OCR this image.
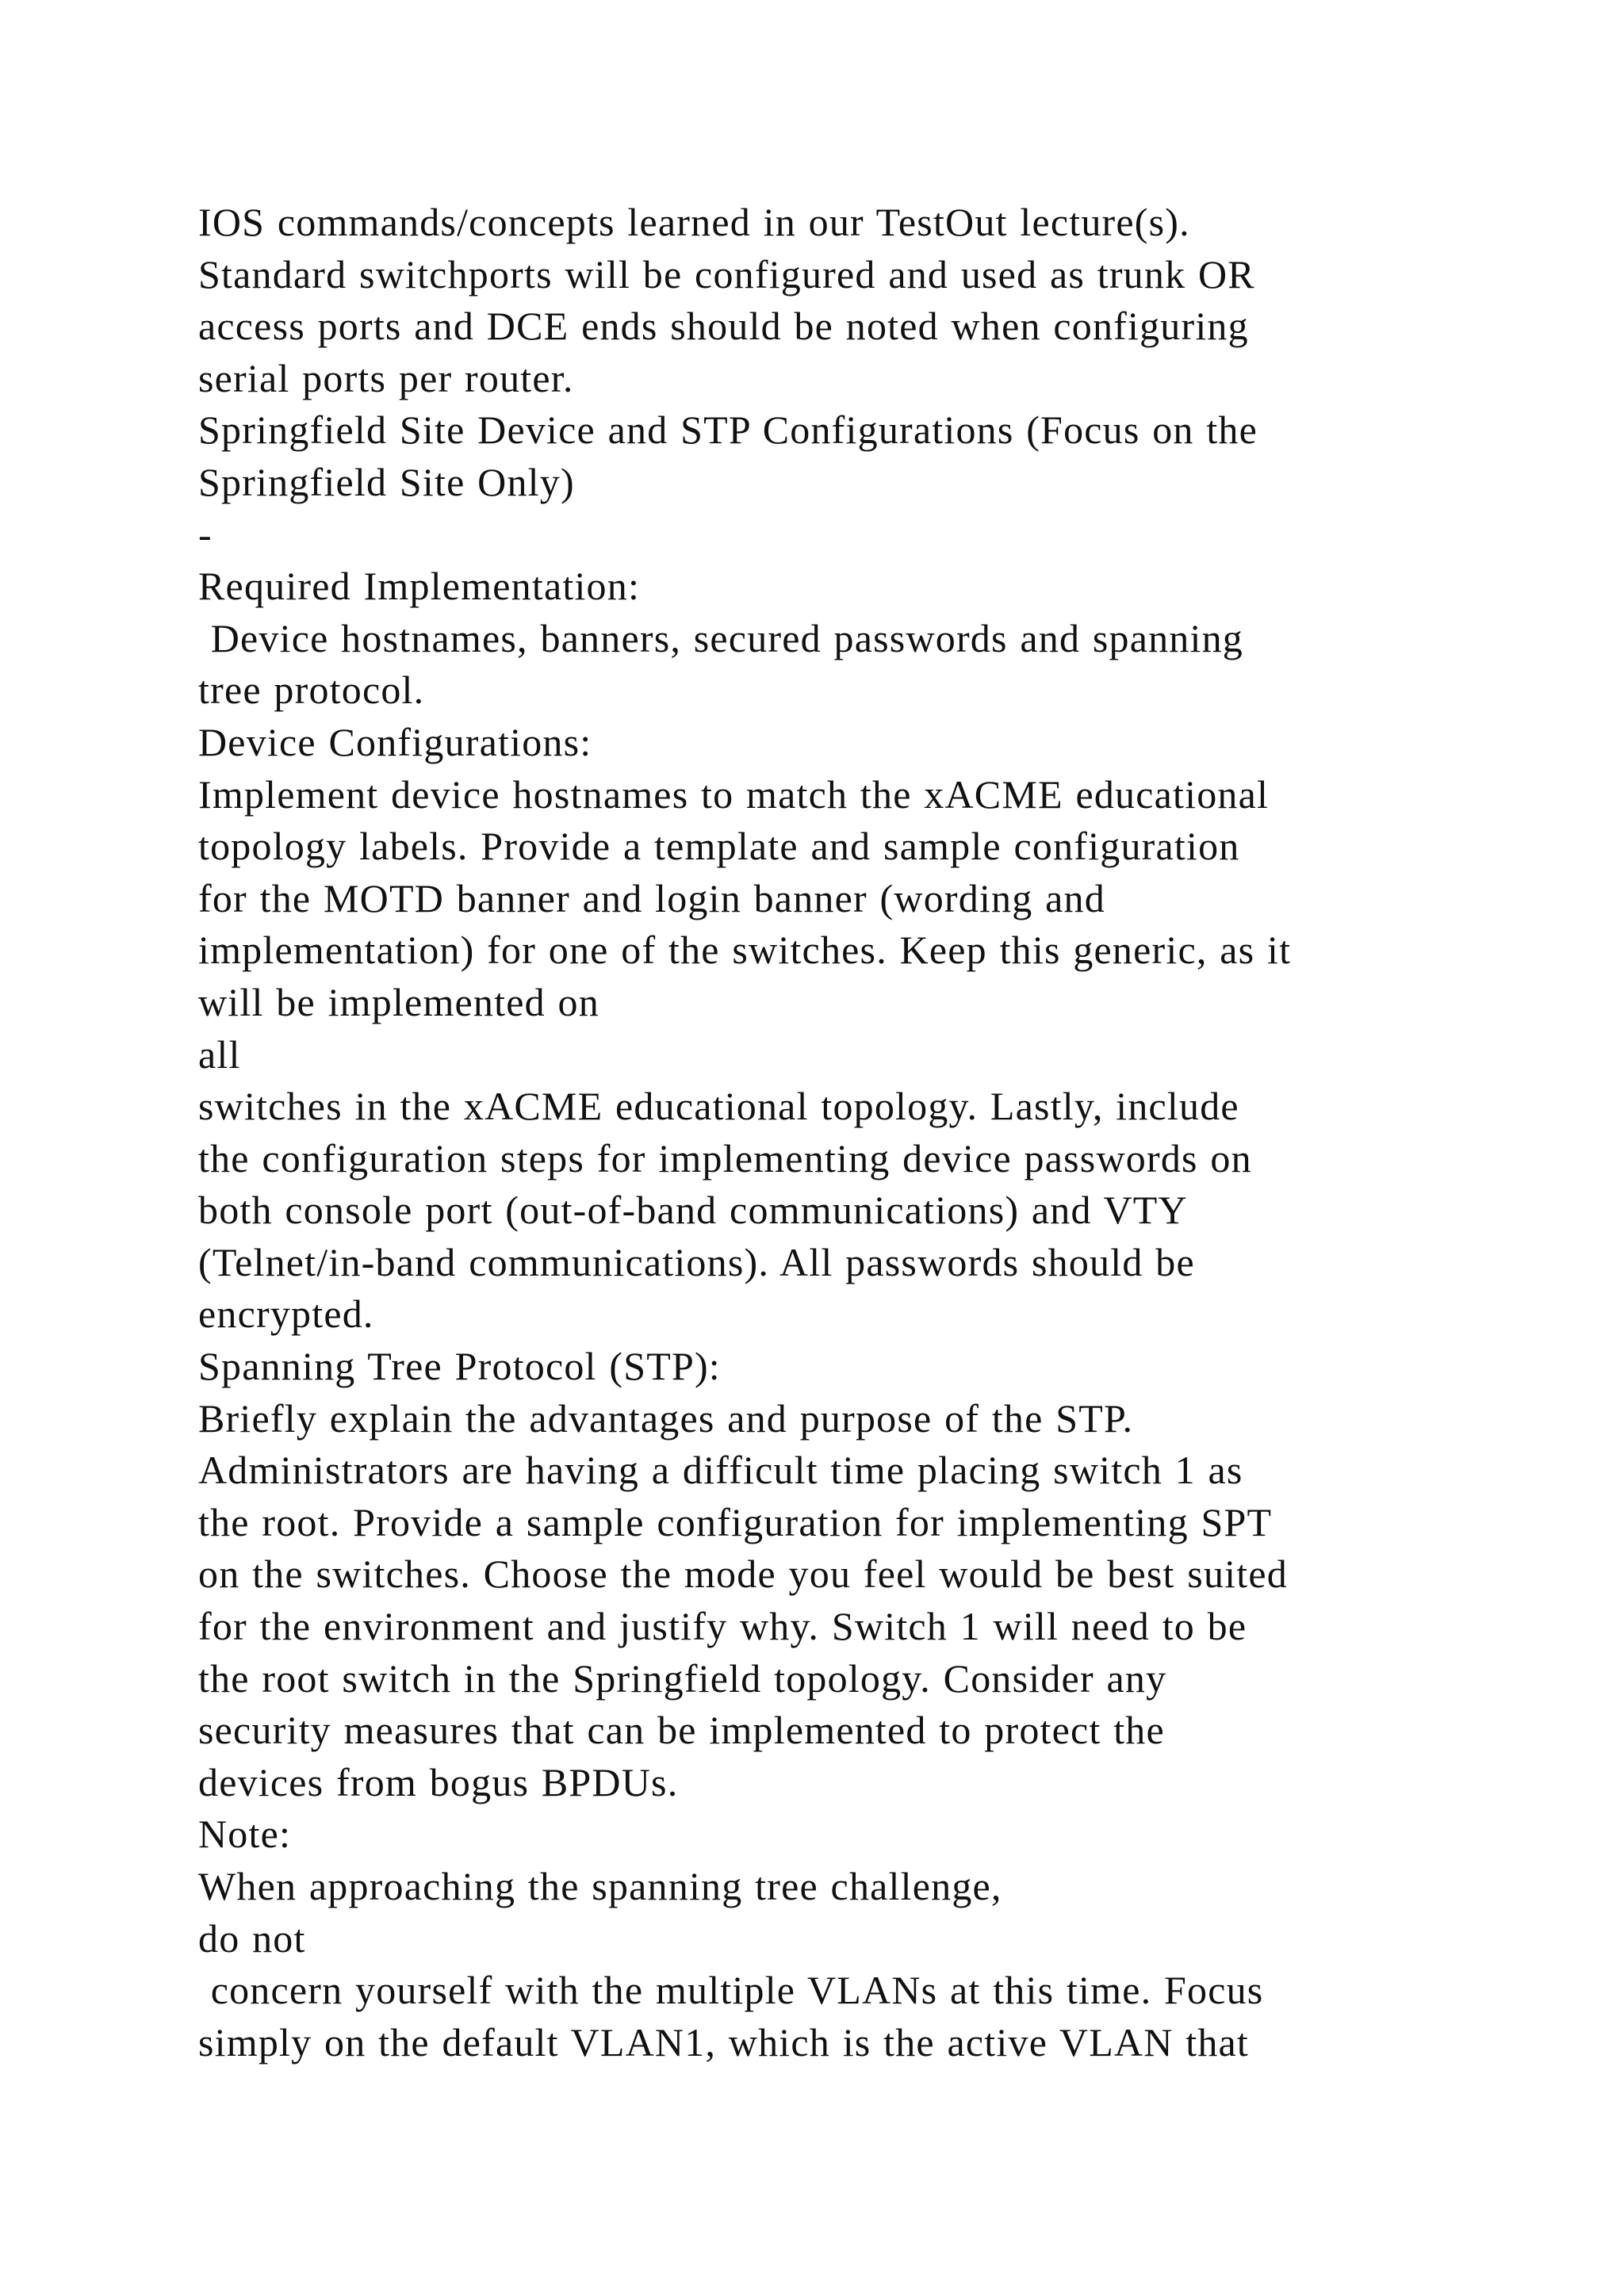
IOS commands/concepts learned in our TestOut lecture(s).
Standard switchports will be configured and used as trunk OR
access ports and DCE ends should be noted when configuring
serial ports per router.
Springfield Site Device and STP Configurations (Focus on the
Springfield Site Only)
-
Required Implementation:
Device hostnames, banners, secured passwords and spanning
tree protocol.
Device Configurations:
Implement device hostnames to match the xACME educational
topology labels. Provide a template and sample configuration
for the MOTD banner and login banner (wording and
implementation) for one of the switches. Keep this generic, as it
will be implemented on
all
switches in the xACME educational topology. Lastly, include
the configuration steps for implementing device passwords on
both console port (out-of-band communications) and VTY
(Telnet/in-band communications). All passwords should be
encrypted.
Spanning Tree Protocol (STP):
Briefly explain the advantages and purpose of the STP.
Administrators are having a difficult time placing switch 1 as
the root. Provide a sample configuration for implementing SPT
on the switches. Choose the mode you feel would be best suited
for the environment and justify why. Switch 1 will need to be
the root switch in the Springfield topology. Consider any
security measures that can be implemented to protect the
devices from bogus BPDUs.
Note:
When approaching the spanning tree challenge,
do not
concern yourself with the multiple VLANs at this time. Focus
simply on the default VLAN1, which is the active VLAN that
